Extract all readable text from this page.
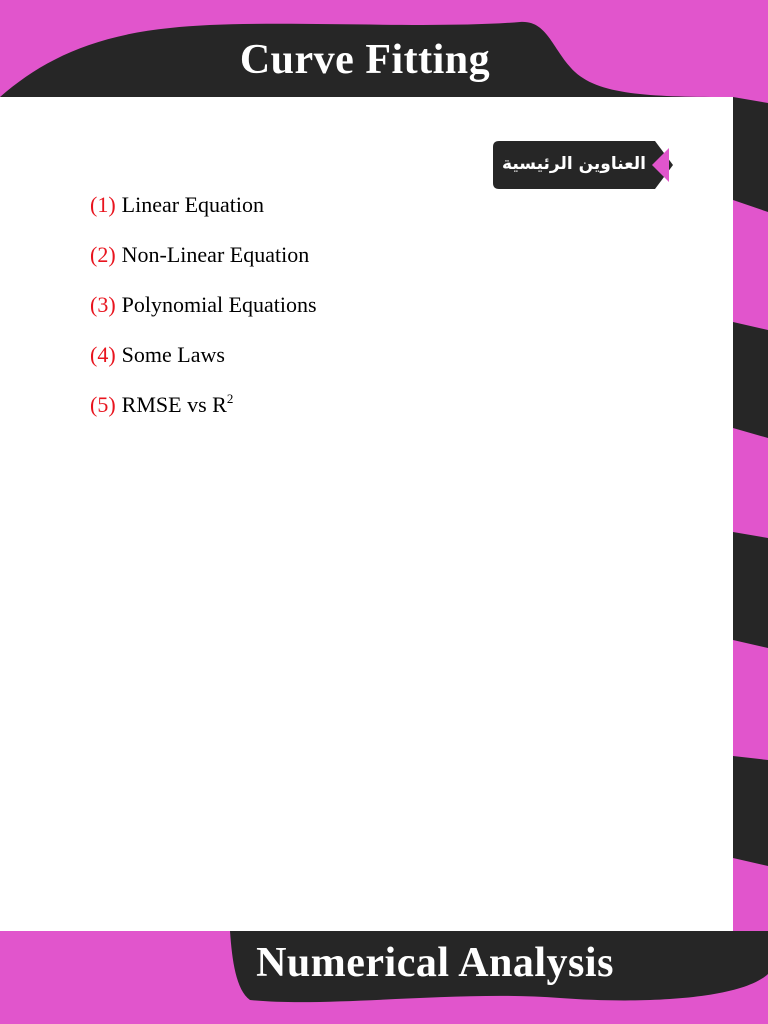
Curve Fitting
العناوين الرئيسية
(1) Linear Equation
(2) Non-Linear Equation
(3) Polynomial Equations
(4) Some Laws
(5) RMSE vs $R^2$
Numerical Analysis
